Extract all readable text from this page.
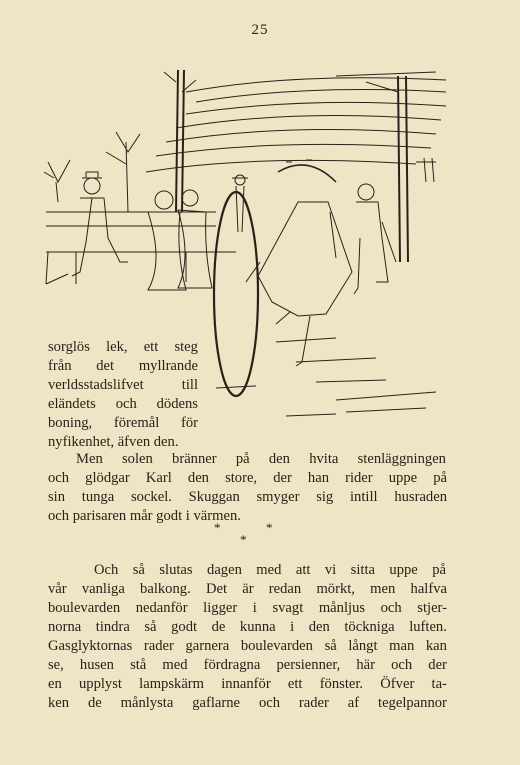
25
sorglös lek, ett steg
från det myllrande
verldsstadslifvet	till
eländets och dödens
boning, föremål för
nyfikenhet, äfven den.
Men solen bränner på den hvita stenläggningen
och glödgar Karl den store, der han rider uppe på
sin tunga sockel. Skuggan smyger sig intill husraden
och parisaren mår godt i värmen.
*	*
*
Och så slutas dagen med att vi sitta uppe på
vår vanliga balkong. Det är redan mörkt, men halfva
boulevarden nedanför ligger i svagt månljus och stjer-
norna tindra så godt de kunna i den töckniga luften.
Gasglyktornas rader garnera boulevarden så långt man kan
se, husen stå med fördragna persienner, här och der
en upplyst lampskärm innanför ett fönster. Öfver ta-
ken de månlysta gaflarne och rader af tegelpannor
